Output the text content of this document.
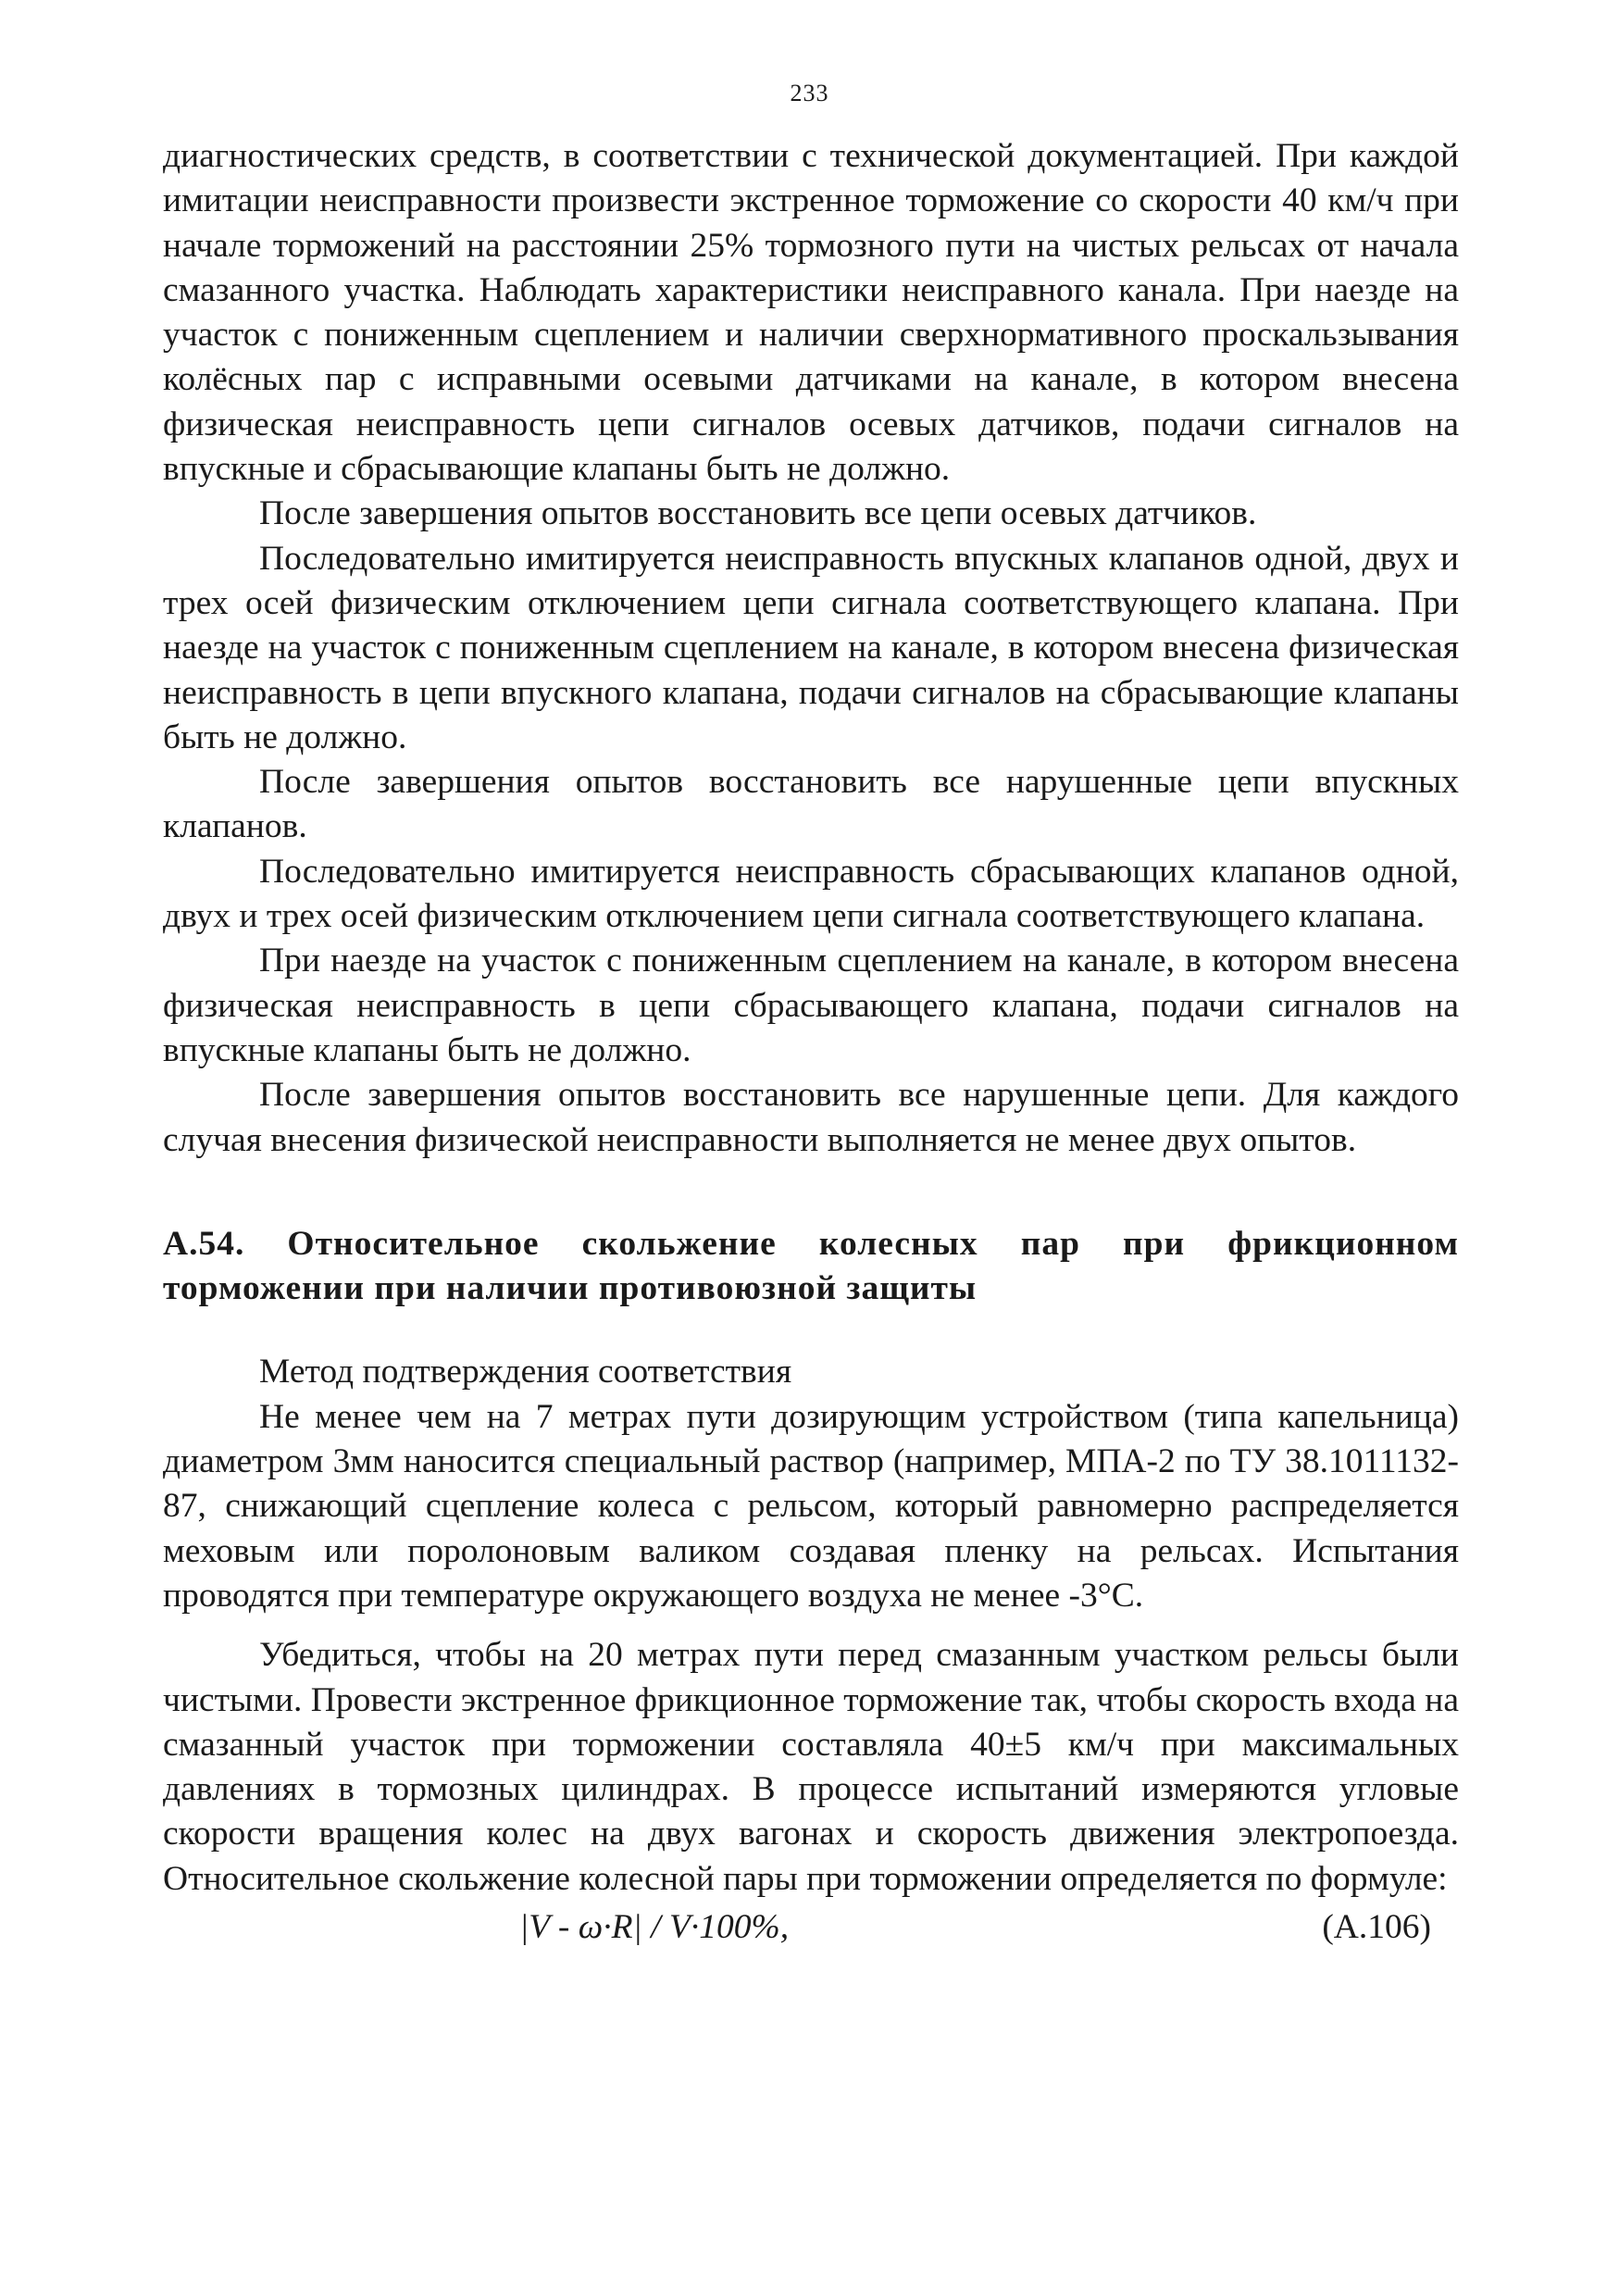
233

диагностических средств, в соответствии с технической документацией. При каждой имитации неисправности произвести экстренное торможение со скорости 40 км/ч при начале торможений на расстоянии 25% тормозного пути на чистых рельсах от начала смазанного участка. Наблюдать характеристики неисправного канала. При наезде на участок с пониженным сцеплением и наличии сверхнормативного проскальзывания колёсных пар с исправными осевыми датчиками на канале, в котором внесена физическая неисправность цепи сигналов осевых датчиков, подачи сигналов на впускные и сбрасывающие клапаны быть не должно.

После завершения опытов восстановить все цепи осевых датчиков.

Последовательно имитируется неисправность впускных клапанов одной, двух и трех осей физическим отключением цепи сигнала соответствующего клапана. При наезде на участок с пониженным сцеплением на канале, в котором внесена физическая неисправность в цепи впускного клапана, подачи сигналов на сбрасывающие клапаны быть не должно.

После завершения опытов восстановить все нарушенные цепи впускных клапанов.

Последовательно имитируется неисправность сбрасывающих клапанов одной, двух и трех осей физическим отключением цепи сигнала соответствующего клапана.

При наезде на участок с пониженным сцеплением на канале, в котором внесена физическая неисправность в цепи сбрасывающего клапана, подачи сигналов на впускные клапаны быть не должно.

После завершения опытов восстановить все нарушенные цепи. Для каждого случая внесения физической неисправности выполняется не менее двух опытов.

А.54. Относительное скольжение колесных пар при фрикционном торможении при наличии противоюзной защиты

Метод подтверждения соответствия

Не менее чем на 7 метрах пути дозирующим устройством (типа капельница) диаметром 3мм наносится специальный раствор (например, МПА-2 по ТУ 38.1011132-87, снижающий сцепление колеса с рельсом, который равномерно распределяется меховым или поролоновым валиком создавая пленку на рельсах. Испытания проводятся при температуре окружающего воздуха не менее -3°С.

Убедиться, чтобы на 20 метрах пути перед смазанным участком рельсы были чистыми. Провести экстренное фрикционное торможение так, чтобы скорость входа на смазанный участок при торможении составляла 40±5 км/ч при максимальных давлениях в тормозных цилиндрах. В процессе испытаний измеряются угловые скорости вращения колес на двух вагонах и скорость движения электропоезда. Относительное скольжение колесной пары при торможении определяется по формуле:

|V - ω·R| / V·100%,	(А.106)
